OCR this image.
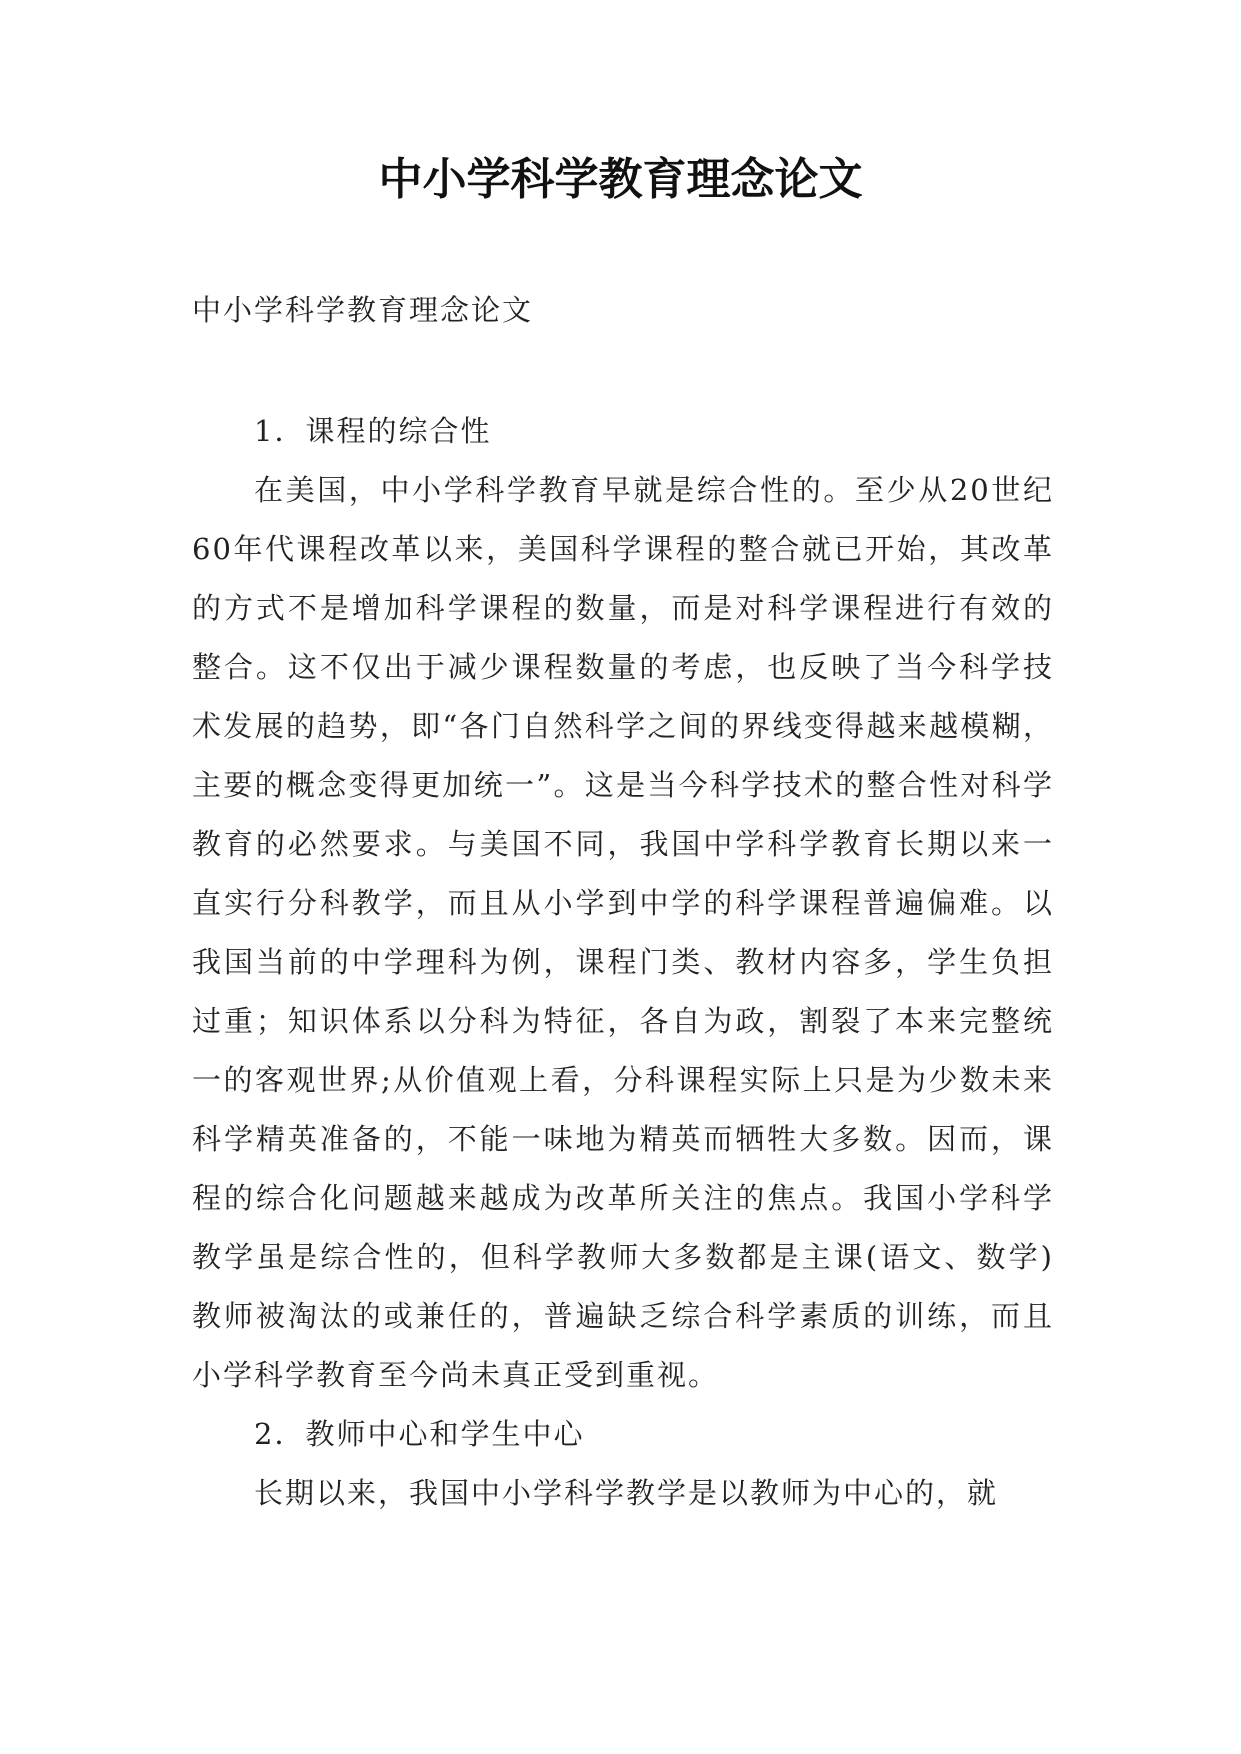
中小学科学教育理念论文

中小学科学教育理念论文

1．课程的综合性

在美国，中小学科学教育早就是综合性的。至少从20世纪60年代课程改革以来，美国科学课程的整合就已开始，其改革的方式不是增加科学课程的数量，而是对科学课程进行有效的整合。这不仅出于减少课程数量的考虑，也反映了当今科学技术发展的趋势，即“各门自然科学之间的界线变得越来越模糊，主要的概念变得更加统一”。这是当今科学技术的整合性对科学教育的必然要求。与美国不同，我国中学科学教育长期以来一直实行分科教学，而且从小学到中学的科学课程普遍偏难。以我国当前的中学理科为例，课程门类、教材内容多，学生负担过重；知识体系以分科为特征，各自为政，割裂了本来完整统一的客观世界;从价值观上看，分科课程实际上只是为少数未来科学精英准备的，不能一味地为精英而牺牲大多数。因而，课程的综合化问题越来越成为改革所关注的焦点。我国小学科学教学虽是综合性的，但科学教师大多数都是主课(语文、数学)教师被淘汰的或兼任的，普遍缺乏综合科学素质的训练，而且小学科学教育至今尚未真正受到重视。

2．教师中心和学生中心

长期以来，我国中小学科学教学是以教师为中心的，就
